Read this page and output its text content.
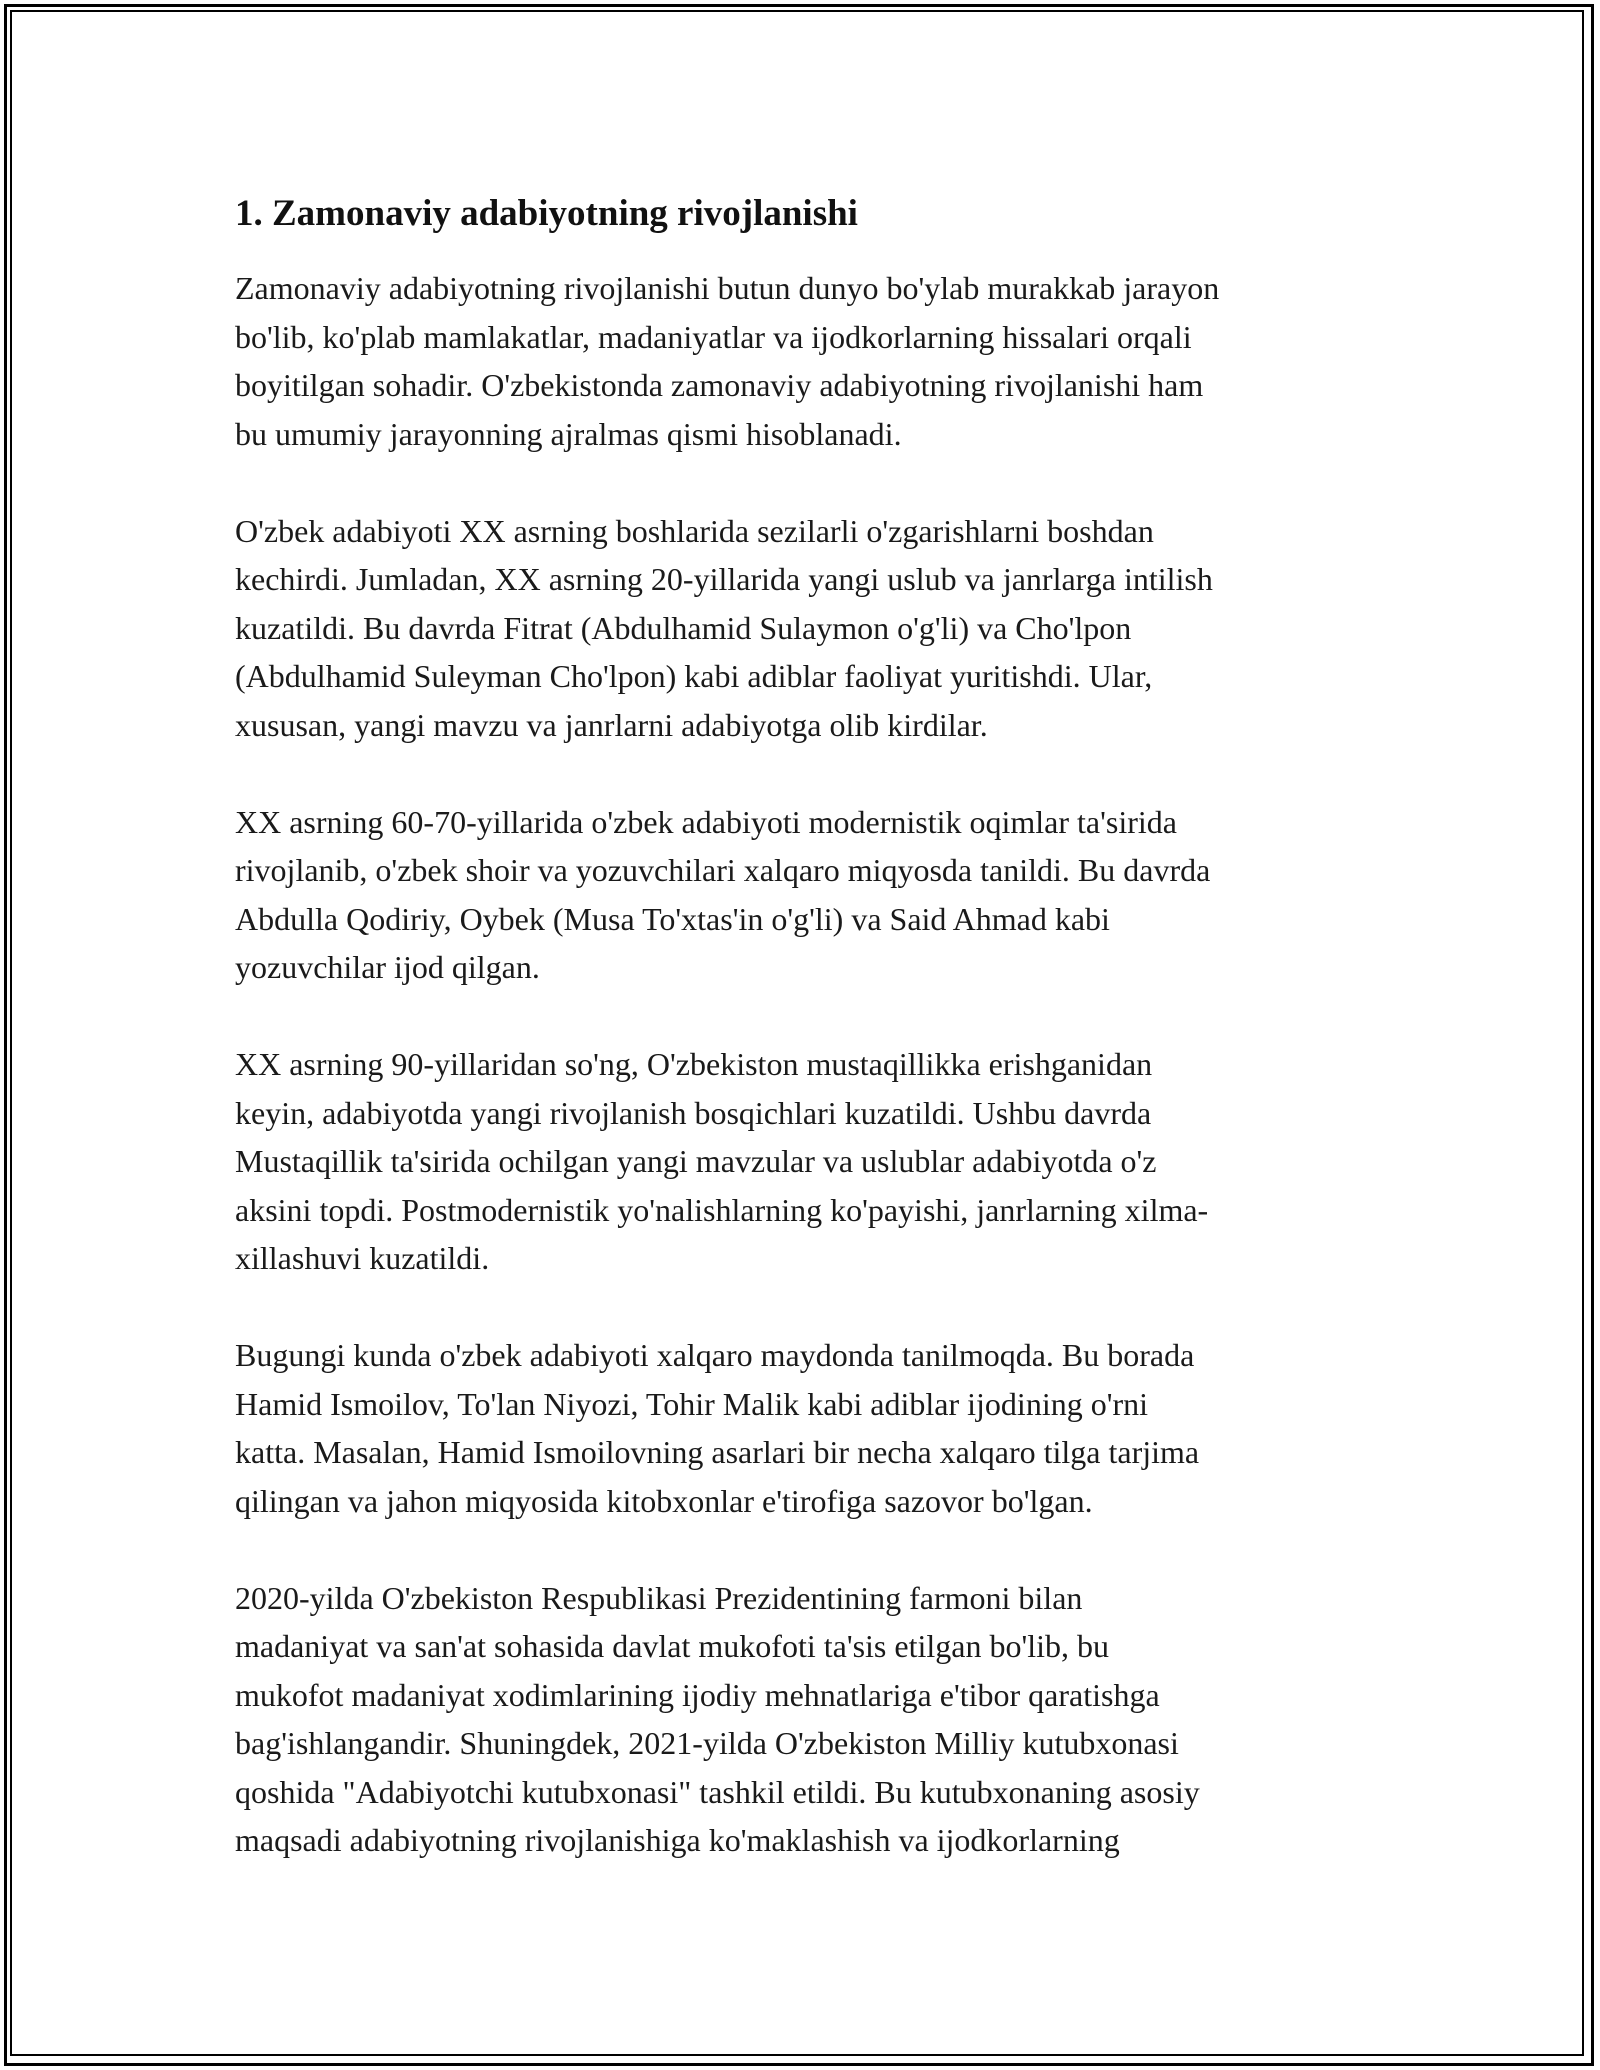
1. Zamonaviy adabiyotning rivojlanishi
Zamonaviy adabiyotning rivojlanishi butun dunyo bo'ylab murakkab jarayon
bo'lib, ko'plab mamlakatlar, madaniyatlar va ijodkorlarning hissalari orqali
boyitilgan sohadir. O'zbekistonda zamonaviy adabiyotning rivojlanishi ham
bu umumiy jarayonning ajralmas qismi hisoblanadi.
O'zbek adabiyoti XX asrning boshlarida sezilarli o'zgarishlarni boshdan
kechirdi. Jumladan, XX asrning 20-yillarida yangi uslub va janrlarga intilish
kuzatildi. Bu davrda Fitrat (Abdulhamid Sulaymon o'g'li) va Cho'lpon
(Abdulhamid Suleyman Cho'lpon) kabi adiblar faoliyat yuritishdi. Ular,
xususan, yangi mavzu va janrlarni adabiyotga olib kirdilar.
XX asrning 60-70-yillarida o'zbek adabiyoti modernistik oqimlar ta'sirida
rivojlanib, o'zbek shoir va yozuvchilari xalqaro miqyosda tanildi. Bu davrda
Abdulla Qodiriy, Oybek (Musa To'xtas'in o'g'li) va Said Ahmad kabi
yozuvchilar ijod qilgan.
XX asrning 90-yillaridan so'ng, O'zbekiston mustaqillikka erishganidan
keyin, adabiyotda yangi rivojlanish bosqichlari kuzatildi. Ushbu davrda
Mustaqillik ta'sirida ochilgan yangi mavzular va uslublar adabiyotda o'z
aksini topdi. Postmodernistik yo'nalishlarning ko'payishi, janrlarning xilma-
xillashuvi kuzatildi.
Bugungi kunda o'zbek adabiyoti xalqaro maydonda tanilmoqda. Bu borada
Hamid Ismoilov, To'lan Niyozi, Tohir Malik kabi adiblar ijodining o'rni
katta. Masalan, Hamid Ismoilovning asarlari bir necha xalqaro tilga tarjima
qilingan va jahon miqyosida kitobxonlar e'tirofiga sazovor bo'lgan.
2020-yilda O'zbekiston Respublikasi Prezidentining farmoni bilan
madaniyat va san'at sohasida davlat mukofoti ta'sis etilgan bo'lib, bu
mukofot madaniyat xodimlarining ijodiy mehnatlariga e'tibor qaratishga
bag'ishlangandir. Shuningdek, 2021-yilda O'zbekiston Milliy kutubxonasi
qoshida "Adabiyotchi kutubxonasi" tashkil etildi. Bu kutubxonaning asosiy
maqsadi adabiyotning rivojlanishiga ko'maklashish va ijodkorlarning
